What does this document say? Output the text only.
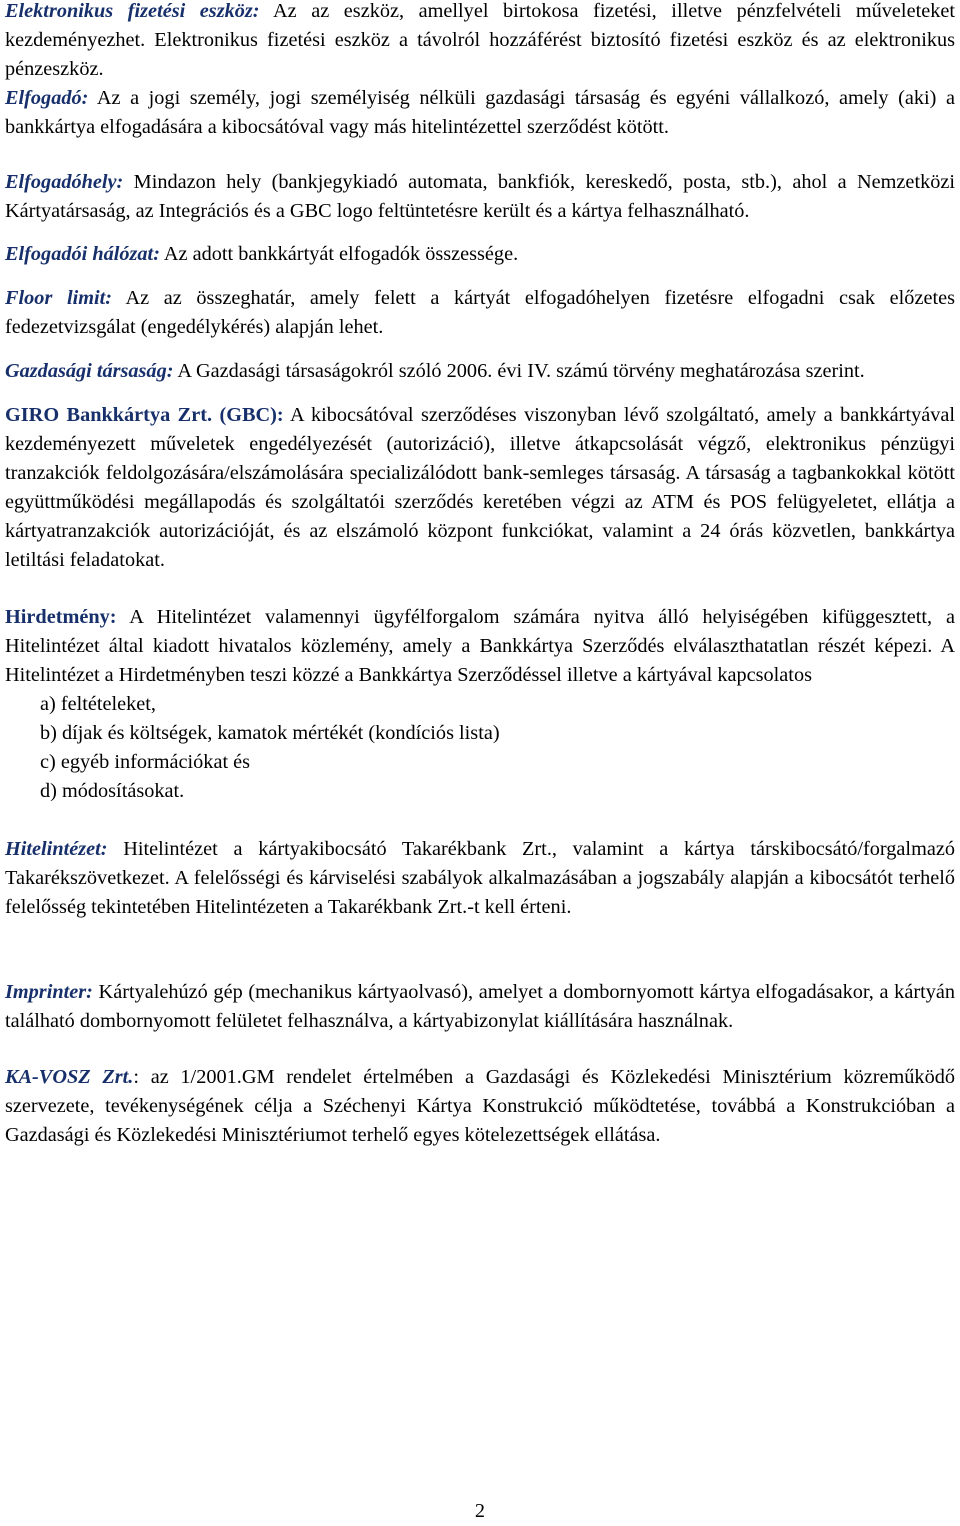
Elektronikus fizetési eszköz: Az az eszköz, amellyel birtokosa fizetési, illetve pénzfelvételi műveleteket kezdeményezhet. Elektronikus fizetési eszköz a távolról hozzáférést biztosító fizetési eszköz és az elektronikus pénzeszköz.

Elfogadó: Az a jogi személy, jogi személyiség nélküli gazdasági társaság és egyéni vállalkozó, amely (aki) a bankkártya elfogadására a kibocsátóval vagy más hitelintézettel szerződést kötött.

Elfogadóhely: Mindazon hely (bankjegykiadó automata, bankfiók, kereskedő, posta, stb.), ahol a Nemzetközi Kártyatársaság, az Integrációs és a GBC logo feltüntetésre került és a kártya felhasználható.

Elfogadói hálózat: Az adott bankkártyát elfogadók összessége.

Floor limit: Az az összeghatár, amely felett a kártyát elfogadóhelyen fizetésre elfogadni csak előzetes fedezetvizsgálat (engedélykérés) alapján lehet.

Gazdasági társaság: A Gazdasági társaságokról szóló 2006. évi IV. számú törvény meghatározása szerint.

GIRO Bankkártya Zrt. (GBC): A kibocsátóval szerződéses viszonyban lévő szolgáltató, amely a bankkártyával kezdeményezett műveletek engedélyezését (autorizáció), illetve átkapcsolását végző, elektronikus pénzügyi tranzakciók feldolgozására/elszámolására specializálódott bank-semleges társaság. A társaság a tagbankokkal kötött együttműködési megállapodás és szolgáltatói szerződés keretében végzi az ATM és POS felügyeletet, ellátja a kártyatranzakciók autorizációját, és az elszámoló központ funkciókat, valamint a 24 órás közvetlen, bankkártya letiltási feladatokat.

Hirdetmény: A Hitelintézet valamennyi ügyfélforgalom számára nyitva álló helyiségében kifüggesztett, a Hitelintézet által kiadott hivatalos közlemény, amely a Bankkártya Szerződés elválaszthatatlan részét képezi. A Hitelintézet a Hirdetményben teszi közzé a Bankkártya Szerződéssel illetve a kártyával kapcsolatos

a) feltételeket,
b) díjak és költségek, kamatok mértékét (kondíciós lista)
c) egyéb információkat és
d) módosításokat.

Hitelintézet: Hitelintézet a kártyakibocsátó Takarékbank Zrt., valamint a kártya társkibocsátó/forgalmazó Takarékszövetkezet. A felelősségi és kárviselési szabályok alkalmazásában a jogszabály alapján a kibocsátót terhelő felelősség tekintetében Hitelintézeten a Takarékbank Zrt.-t kell érteni.

Imprinter: Kártyalehúzó gép (mechanikus kártyaolvasó), amelyet a dombornyomott kártya elfogadásakor, a kártyán található dombornyomott felületet felhasználva, a kártyabizonylat kiállítására használnak.

KA-VOSZ Zrt.: az 1/2001.GM rendelet értelmében a Gazdasági és Közlekedési Minisztérium közreműködő szervezete, tevékenységének célja a Széchenyi Kártya Konstrukció működtetése, továbbá a Konstrukcióban a Gazdasági és Közlekedési Minisztériumot terhelő egyes kötelezettségek ellátása.

2
